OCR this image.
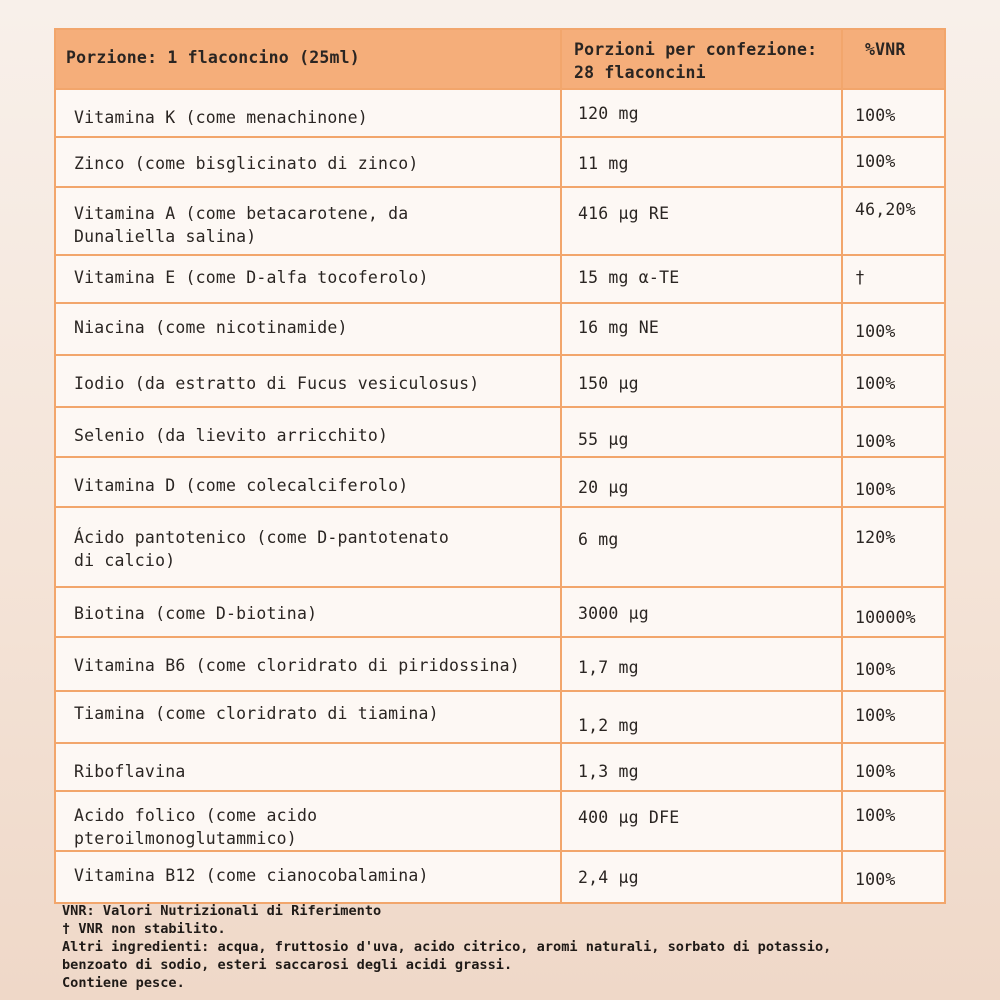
Porzione: 1 flaconcino (25ml)	Porzioni per confezione:
28 flaconcini	%VNR

Vitamina K (come menachinone)	120 mg	100%

Zinco (come bisglicinato di zinco)	11 mg	100%

Vitamina A (come betacarotene, da
Dunaliella salina)	416 µg RE	46,20%

Vitamina E (come D-alfa tocoferolo)	15 mg α-TE	†

Niacina (come nicotinamide)	16 mg NE	100%

Iodio (da estratto di Fucus vesiculosus)	150 µg	100%

Selenio (da lievito arricchito)	55 µg	100%

Vitamina D (come colecalciferolo)	20 µg	100%

Ácido pantotenico (come D-pantotenato
di calcio)	6 mg	120%

Biotina (come D-biotina)	3000 µg	10000%

Vitamina B6 (come cloridrato di piridossina)	1,7 mg	100%

Tiamina (come cloridrato di tiamina)	1,2 mg	100%

Riboflavina	1,3 mg	100%

Acido folico (come acido pteroilmonoglutammico)	400 µg DFE	100%

Vitamina B12 (come cianocobalamina)	2,4 µg	100%
VNR: Valori Nutrizionali di Riferimento
† VNR non stabilito.
Altri ingredienti: acqua, fruttosio d'uva, acido citrico, aromi naturali, sorbato di potassio,
benzoato di sodio, esteri saccarosi degli acidi grassi.
Contiene pesce.
